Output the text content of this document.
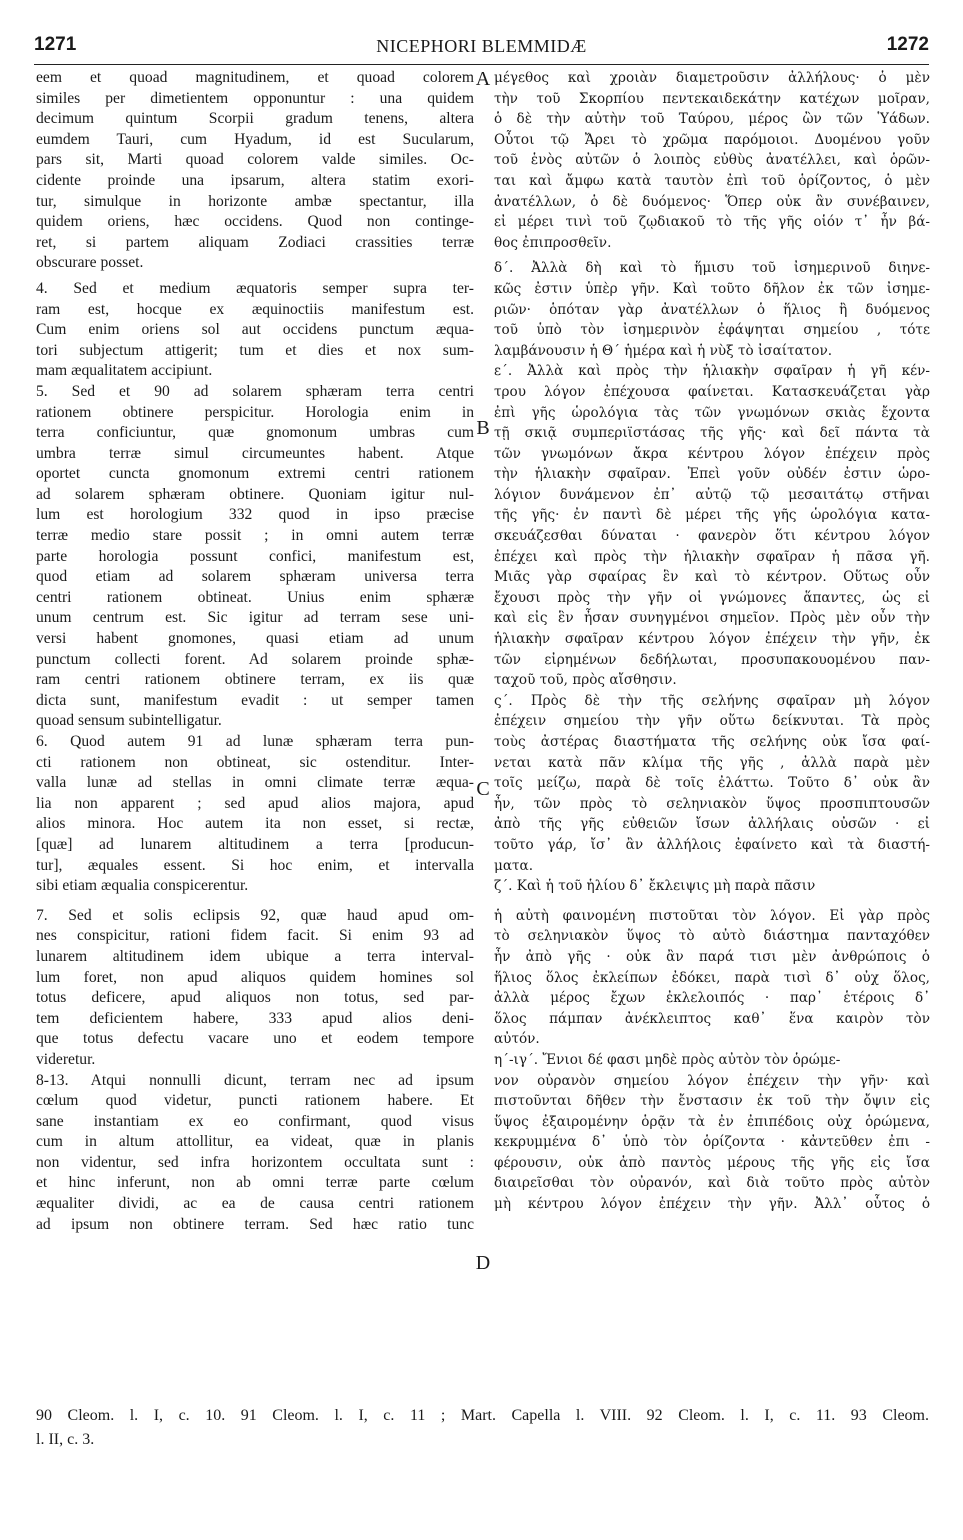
1271	NICEPHORI BLEMMIDÆ	1272
eem et quoad magnitudinem, et quoad colorem
similes per dimetientem opponuntur : una quidem
decimum quintum Scorpii gradum tenens, altera
eumdem Tauri, cum Hyadum, id est Sucularum,
pars sit, Marti quoad colorem valde similes. Oc-
cidente proinde una ipsarum, altera statim exori-
tur, simulque in horizonte ambæ spectantur, illa
quidem oriens, hæc occidens. Quod non continge-
ret, si partem aliquam Zodiaci crassities terræ
obscurare posset.
4. Sed et medium æquatoris semper supra ter-
ram est, hocque ex æquinoctiis manifestum est.
Cum enim oriens sol aut occidens punctum æqua-
tori subjectum attigerit; tum et dies et nox sum-
mam æqualitatem accipiunt.
5. Sed et 90 ad solarem sphæram terra centri
rationem obtinere perspicitur. Horologia enim in
terra conficiuntur, quæ gnomonum umbras cum
umbra terræ simul circumeuntes habent. Atque
oportet cuncta gnomonum extremi centri rationem
ad solarem sphæram obtinere. Quoniam igitur nul-
lum est horologium 332 quod in ipso præcise
terræ medio stare possit ; in omni autem terræ
parte horologia possunt confici, manifestum est,
quod etiam ad solarem sphæram universa terra
centri rationem obtineat. Unius enim sphæræ
unum centrum est. Sic igitur ad terram sese uni-
versi habent gnomones, quasi etiam ad unum
punctum collecti forent. Ad solarem proinde sphæ-
ram centri rationem obtinere terram, ex iis quæ
dicta sunt, manifestum evadit : ut semper tamen
quoad sensum subintelligatur.
6. Quod autem 91 ad lunæ sphæram terra pun-
cti rationem non obtineat, sic ostenditur. Inter-
valla lunæ ad stellas in omni climate terræ æqua-
lia non apparent ; sed apud alios majora, apud
alios minora. Hoc autem ita non esset, si rectæ,
[quæ] ad lunarem altitudinem a terra [producun-
tur], æquales essent. Si hoc enim, et intervalla
sibi etiam æqualia conspicerentur.
7. Sed et solis eclipsis 92, quæ haud apud om-
nes conspicitur, rationi fidem facit. Si enim 93 ad
lunarem altitudinem idem ubique a terra interval-
lum foret, non apud aliquos quidem homines sol
totus deficere, apud aliquos non totus, sed par-
tem deficientem habere, 333 apud alios deni-
que totus defectu vacare uno et eodem tempore
videretur.
8-13. Atqui nonnulli dicunt, terram nec ad ipsum
cœlum quod videtur, puncti rationem habere. Et
sane instantiam ex eo confirmant, quod visus
cum in altum attollitur, ea videat, quæ in planis
non videntur, sed infra horizontem occultata sunt :
et hinc inferunt, non ab omni terræ parte cœlum
æqualiter dividi, ac ea de causa centri rationem
ad ipsum non obtinere terram. Sed hæc ratio tunc
μέγεθος καὶ χροιὰν διαμετροῦσιν ἀλλήλους· ὁ μὲν
τὴν τοῦ Σκορπίου πεντεκαιδεκάτην κατέχων μοῖραν,
ὁ δὲ τὴν αὐτὴν τοῦ Ταύρου, μέρος ὢν τῶν Ὑάδων.
Οὗτοι τῷ Ἄρει τὸ χρῶμα παρόμοιοι. Δυομένου γοῦν
τοῦ ἑνὸς αὐτῶν ὁ λοιπὸς εὐθὺς ἀνατέλλει, καὶ ὁρῶν-
ται καὶ ἄμφω κατὰ ταυτὸν ἐπὶ τοῦ ὁρίζοντος, ὁ μὲν
ἀνατέλλων, ὁ δὲ δυόμενος· Ὅπερ οὐκ ἂν συνέβαινεν,
εἰ μέρει τινὶ τοῦ ζῳδιακοῦ τὸ τῆς γῆς οἱόν τ᾽ ἦν βά-
θος ἐπιπροσθεῖν.
δ΄. Ἀλλὰ δὴ καὶ τὸ ἥμισυ τοῦ ἰσημερινοῦ διηνε-
κῶς ἐστιν ὑπὲρ γῆν. Καὶ τοῦτο δῆλον ἐκ τῶν ἰσημε-
ριῶν· ὁπόταν γὰρ ἀνατέλλων ὁ ἥλιος ἢ δυόμενος
τοῦ ὑπὸ τὸν ἰσημερινὸν ἐφάψηται σημείου , τότε
λαμβάνουσιν ἡ Θ΄ ἡμέρα καὶ ἡ νὺξ τὸ ἰσαίτατον.
ε΄. Ἀλλὰ καὶ πρὸς τὴν ἡλιακὴν σφαῖραν ἡ γῆ κέν-
τρου λόγον ἐπέχουσα φαίνεται. Κατασκευάζεται γὰρ
ἐπὶ γῆς ὡρολόγια τὰς τῶν γνωμόνων σκιὰς ἔχοντα
τῇ σκιᾷ συμπεριϊστάσας τῆς γῆς· καὶ δεῖ πάντα τὰ
τῶν γνωμόνων ἄκρα κέντρου λόγον ἐπέχειν πρὸς
τὴν ἡλιακὴν σφαῖραν. Ἐπεὶ γοῦν οὐδέν ἐστιν ὡρο-
λόγιον δυνάμενον ἐπ᾽ αὐτῷ τῷ μεσαιτάτῳ στῆναι
τῆς γῆς· ἐν παντὶ δὲ μέρει τῆς γῆς ὡρολόγια κατα-
σκευάζεσθαι δύναται · φανερὸν ὅτι κέντρου λόγον
ἐπέχει καὶ πρὸς τὴν ἡλιακὴν σφαῖραν ἡ πᾶσα γῆ.
Μιᾶς γὰρ σφαίρας ἓν καὶ τὸ κέντρον. Οὕτως οὖν
ἔχουσι πρὸς τὴν γῆν οἱ γνώμονες ἅπαντες, ὡς εἰ
καὶ εἰς ἓν ἦσαν συνηγμένοι σημεῖον. Πρὸς μὲν οὖν τὴν
ἡλιακὴν σφαῖραν κέντρου λόγον ἐπέχειν τὴν γῆν, ἐκ
τῶν εἰρημένων δεδήλωται, προσυπακουομένου παν-
ταχοῦ τοῦ, πρὸς αἴσθησιν.
ς΄. Πρὸς δὲ τὴν τῆς σελήνης σφαῖραν μὴ λόγον
ἐπέχειν σημείου τὴν γῆν οὕτω δείκνυται. Τὰ πρὸς
τοὺς ἀστέρας διαστήματα τῆς σελήνης οὐκ ἴσα φαί-
νεται κατὰ πᾶν κλίμα τῆς γῆς , ἀλλὰ παρὰ μὲν
τοῖς μείζω, παρὰ δὲ τοῖς ἐλάττω. Τοῦτο δ᾽ οὐκ ἂν
ἦν, τῶν πρὸς τὸ σεληνιακὸν ὕψος προσπιπτουσῶν
ἀπὸ τῆς γῆς εὐθειῶν ἴσων ἀλλήλαις οὐσῶν · εἰ
τοῦτο γάρ, ἴσ᾽ ἂν ἀλλήλοις ἐφαίνετο καὶ τὰ διαστή-
ματα.
ζ΄. Καὶ ἡ τοῦ ἡλίου δ᾽ ἔκλειψις μὴ παρὰ πᾶσιν
ἡ αὐτὴ φαινομένη πιστοῦται τὸν λόγον. Εἰ γὰρ πρὸς
τὸ σεληνιακὸν ὕψος τὸ αὐτὸ διάστημα πανταχόθεν
ἦν ἀπὸ γῆς · οὐκ ἂν παρά τισι μὲν ἀνθρώποις ὁ
ἥλιος ὅλος ἐκλείπων ἐδόκει, παρὰ τισὶ δ᾽ οὐχ ὅλος,
ἀλλὰ μέρος ἔχων ἐκλελοιπός · παρ᾽ ἑτέροις δ᾽
ὅλος πάμπαν ἀνέκλειπτος καθ᾽ ἕνα καιρὸν τὸν
αὐτόν.
η΄-ιγ΄. Ἔνιοι δέ φασι μηδὲ πρὸς αὐτὸν τὸν ὁρώμε-
νον οὐρανὸν σημείου λόγον ἐπέχειν τὴν γῆν· καὶ
πιστοῦνται δῆθεν τὴν ἔνστασιν ἐκ τοῦ τὴν ὄψιν εἰς
ὕψος ἐξαιρομένην ὁρᾷν τὰ ἐν ἐπιπέδοις οὐχ ὁρώμενα,
κεκρυμμένα δ᾽ ὑπὸ τὸν ὁρίζοντα · κἀντεῦθεν ἐπι -
φέρουσιν, οὐκ ἀπὸ παντὸς μέρους τῆς γῆς εἰς ἴσα
διαιρεῖσθαι τὸν οὐρανόν, καὶ διὰ τοῦτο πρὸς αὐτὸν
μὴ κέντρου λόγον ἐπέχειν τὴν γῆν. Ἀλλ᾽ οὗτος ὁ
A
B
C
D
90 Cleom. l. I, c. 10. 91 Cleom. l. I, c. 11 ; Mart. Capella l. VIII. 92 Cleom. l. I, c. 11. 93 Cleom.
l. II, c. 3.
